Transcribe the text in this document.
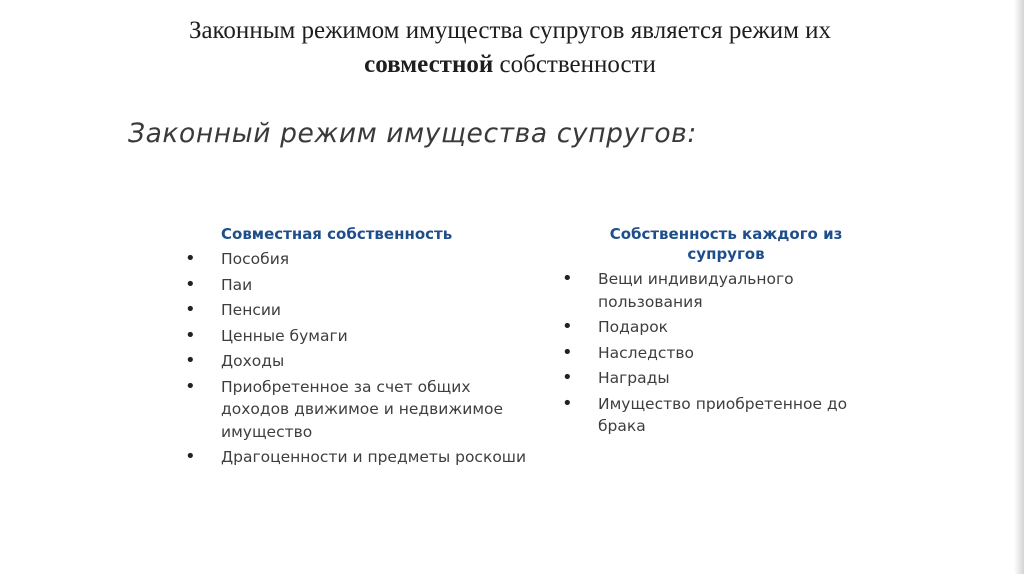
Законным режимом имущества супругов является режим их
совместной собственности
Законный режим имущества супругов:
Совместная собственность
•	Пособия
•	Паи
•	Пенсии
•	Ценные бумаги
•	Доходы
•	Приобретенное за счет общих доходов движимое и недвижимое имущество
•	Драгоценности и предметы роскоши
Собственность каждого из супругов
•	Вещи индивидуального пользования
•	Подарок
•	Наследство
•	Награды
•	Имущество приобретенное до брака
